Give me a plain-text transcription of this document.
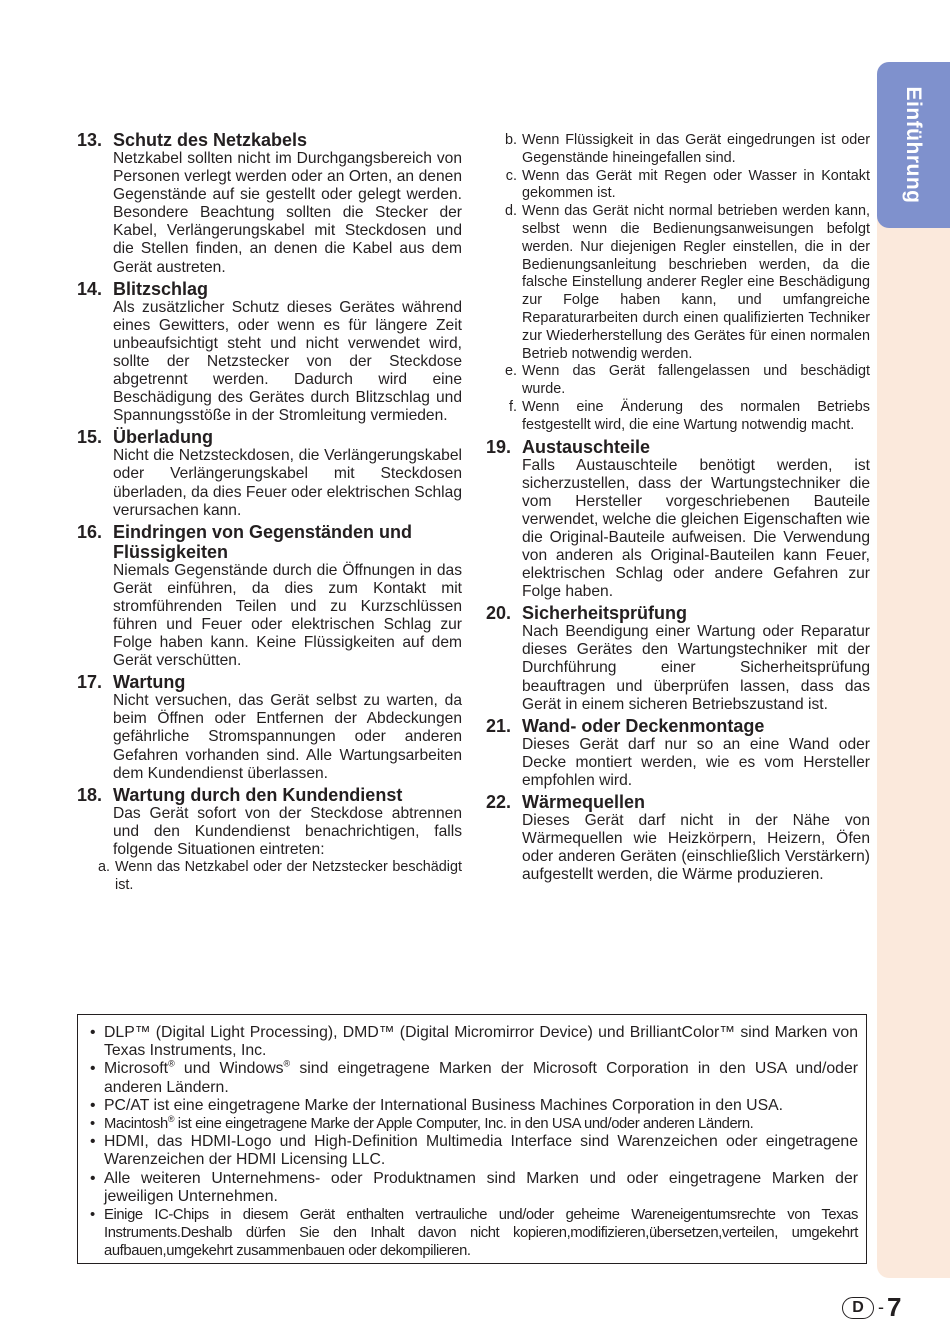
Einführung
13. Schutz des Netzkabels
Netzkabel sollten nicht im Durchgangsbereich von Personen verlegt werden oder an Orten, an denen Gegenstände auf sie gestellt oder gelegt werden. Besondere Beachtung sollten die Stecker der Kabel, Verlängerungskabel mit Steckdosen und die Stellen finden, an denen die Kabel aus dem Gerät austreten.
14. Blitzschlag
Als zusätzlicher Schutz dieses Gerätes während eines Gewitters, oder wenn es für längere Zeit unbeaufsichtigt steht und nicht verwendet wird, sollte der Netzstecker von der Steckdose abgetrennt werden. Dadurch wird eine Beschädigung des Gerätes durch Blitzschlag und Spannungsstöße in der Stromleitung vermieden.
15. Überladung
Nicht die Netzsteckdosen, die Verlängerungskabel oder Verlängerungskabel mit Steckdosen überladen, da dies Feuer oder elektrischen Schlag verursachen kann.
16. Eindringen von Gegenständen und Flüssigkeiten
Niemals Gegenstände durch die Öffnungen in das Gerät einführen, da dies zum Kontakt mit stromführenden Teilen und zu Kurzschlüssen führen und Feuer oder elektrischen Schlag zur Folge haben kann. Keine Flüssigkeiten auf dem Gerät verschütten.
17. Wartung
Nicht versuchen, das Gerät selbst zu warten, da beim Öffnen oder Entfernen der Abdeckungen gefährliche Stromspannungen oder anderen Gefahren vorhanden sind. Alle Wartungsarbeiten dem Kundendienst überlassen.
18. Wartung durch den Kundendienst
Das Gerät sofort von der Steckdose abtrennen und den Kundendienst benachrichtigen, falls folgende Situationen eintreten:
a. Wenn das Netzkabel oder der Netzstecker beschädigt ist.
b. Wenn Flüssigkeit in das Gerät eingedrungen ist oder Gegenstände hineingefallen sind.
c. Wenn das Gerät mit Regen oder Wasser in Kontakt gekommen ist.
d. Wenn das Gerät nicht normal betrieben werden kann, selbst wenn die Bedienungsanweisungen befolgt werden. Nur diejenigen Regler einstellen, die in der Bedienungsanleitung beschrieben werden, da die falsche Einstellung anderer Regler eine Beschädigung zur Folge haben kann, und umfangreiche Reparaturarbeiten durch einen qualifizierten Techniker zur Wiederherstellung des Gerätes für einen normalen Betrieb notwendig werden.
e. Wenn das Gerät fallengelassen und beschädigt wurde.
f. Wenn eine Änderung des normalen Betriebs festgestellt wird, die eine Wartung notwendig macht.
19. Austauschteile
Falls Austauschteile benötigt werden, ist sicherzustellen, dass der Wartungstechniker die vom Hersteller vorgeschriebenen Bauteile verwendet, welche die gleichen Eigenschaften wie die Original-Bauteile aufweisen. Die Verwendung von anderen als Original-Bauteilen kann Feuer, elektrischen Schlag oder andere Gefahren zur Folge haben.
20. Sicherheitsprüfung
Nach Beendigung einer Wartung oder Reparatur dieses Gerätes den Wartungstechniker mit der Durchführung einer Sicherheitsprüfung beauftragen und überprüfen lassen, dass das Gerät in einem sicheren Betriebszustand ist.
21. Wand- oder Deckenmontage
Dieses Gerät darf nur so an eine Wand oder Decke montiert werden, wie es vom Hersteller empfohlen wird.
22. Wärmequellen
Dieses Gerät darf nicht in der Nähe von Wärmequellen wie Heizkörpern, Heizern, Öfen oder anderen Geräten (einschließlich Verstärkern) aufgestellt werden, die Wärme produzieren.
• DLP™ (Digital Light Processing), DMD™ (Digital Micromirror Device) und BrilliantColor™ sind Marken von Texas Instruments, Inc.
• Microsoft® und Windows® sind eingetragene Marken der Microsoft Corporation in den USA und/oder anderen Ländern.
• PC/AT ist eine eingetragene Marke der International Business Machines Corporation in den USA.
• Macintosh® ist eine eingetragene Marke der Apple Computer, Inc. in den USA und/oder anderen Ländern.
• HDMI, das HDMI-Logo und High-Definition Multimedia Interface sind Warenzeichen oder eingetragene Warenzeichen der HDMI Licensing LLC.
• Alle weiteren Unternehmens- oder Produktnamen sind Marken und oder eingetragene Marken der jeweiligen Unternehmen.
• Einige IC-Chips in diesem Gerät enthalten vertrauliche und/oder geheime Wareneigentumsrechte von Texas Instruments.Deshalb dürfen Sie den Inhalt davon nicht kopieren,modifizieren,übersetzen,verteilen, umgekehrt aufbauen,umgekehrt zusammenbauen oder dekompilieren.
D - 7
